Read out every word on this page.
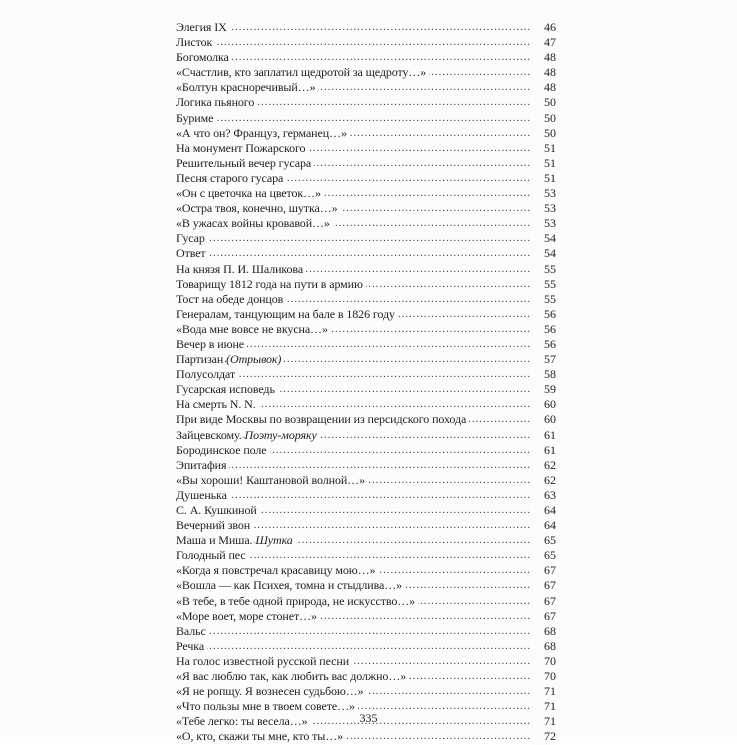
.....
Элегия IX	46
.....
Листок	47
.....
Богомолка	48
.....
«Счастлив, кто заплатил щедротой за щедроту…»	48
.....
«Болтун красноречивый…»	48
.....
Логика пьяного	50
.....
Буриме	50
.....
«А что он? Француз, германец…»	50
.....
На монумент Пожарского	51
.....
Решительный вечер гусара	51
.....
Песня старого гусара	51
.....
«Он с цветочка на цветок…»	53
.....
«Остра твоя, конечно, шутка…»	53
.....
«В ужасах войны кровавой…»	53
.....
Гусар	54
.....
Ответ	54
.....
На князя П. И. Шаликова	55
.....
Товарищу 1812 года на пути в армию	55
.....
Тост на обеде донцов	55
.....
Генералам, танцующим на бале в 1826 году	56
.....
«Вода мне вовсе не вкусна…»	56
.....
Вечер в июне	56
.....
Партизан (Отрывок)	57
.....
Полусолдат	58
.....
Гусарская исповедь	59
.....
На смерть N. N.	60
.....
При виде Москвы по возвращении из персидского похода	60
.....
Зайцевскому. Поэту-моряку	61
.....
Бородинское поле	61
.....
Эпитафия	62
.....
«Вы хороши! Каштановой волной…»	62
.....
Душенька	63
.....
С. А. Кушкиной	64
.....
Вечерний звон	64
.....
Маша и Миша. Шутка	65
.....
Голодный пес	65
.....
«Когда я повстречал красавицу мою…»	67
.....
«Вошла — как Психея, томна и стыдлива…»	67
.....
«В тебе, в тебе одной природа, не искусство…»	67
.....
«Море воет, море стонет…»	67
.....
Вальс	68
.....
Речка	68
.....
На голос известной русской песни	70
.....
«Я вас люблю так, как любить вас должно…»	70
.....
«Я не ропщу. Я вознесен судьбою…»	71
.....
«Что пользы мне в твоем совете…»	71
.....
«Тебе легко: ты весела…»	71
.....
«О, кто, скажи ты мне, кто ты…»	72
335
